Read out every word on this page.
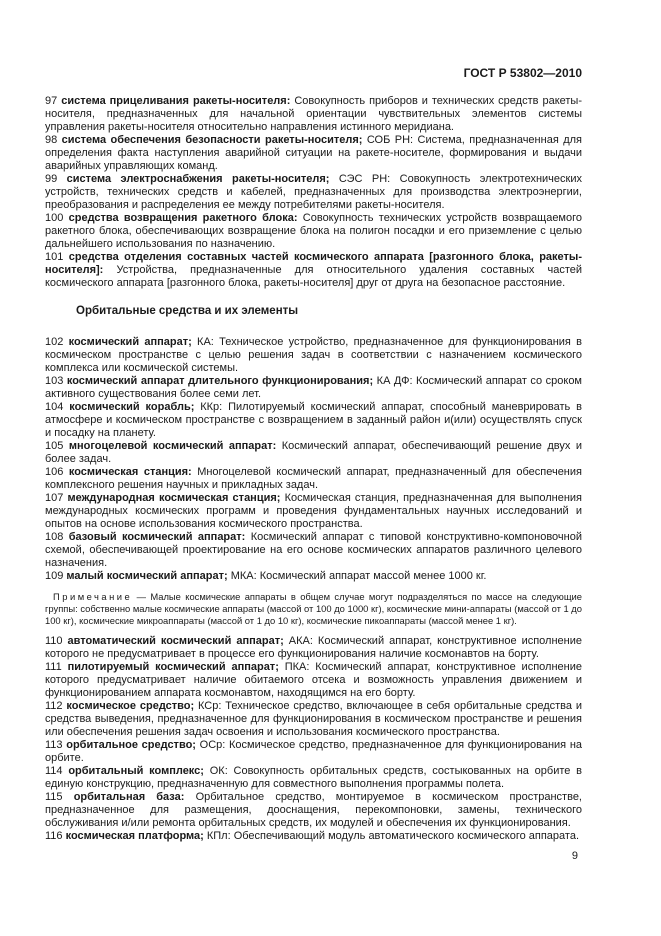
ГОСТ Р 53802—2010

97 система прицеливания ракеты-носителя: Совокупность приборов и технических средств ракеты-носителя, предназначенных для начальной ориентации чувствительных элементов системы управления ракеты-носителя относительно направления истинного меридиана.

98 система обеспечения безопасности ракеты-носителя; СОБ РН: Система, предназначенная для определения факта наступления аварийной ситуации на ракете-носителе, формирования и выдачи аварийных управляющих команд.

99 система электроснабжения ракеты-носителя; СЭС РН: Совокупность электротехнических устройств, технических средств и кабелей, предназначенных для производства электроэнергии, преобразования и распределения ее между потребителями ракеты-носителя.

100 средства возвращения ракетного блока: Совокупность технических устройств возвращаемого ракетного блока, обеспечивающих возвращение блока на полигон посадки и его приземление с целью дальнейшего использования по назначению.

101 средства отделения составных частей космического аппарата [разгонного блока, ракеты-носителя]: Устройства, предназначенные для относительного удаления составных частей космического аппарата [разгонного блока, ракеты-носителя] друг от друга на безопасное расстояние.

Орбитальные средства и их элементы

102 космический аппарат; КА: Техническое устройство, предназначенное для функционирования в космическом пространстве с целью решения задач в соответствии с назначением космического комплекса или космической системы.

103 космический аппарат длительного функционирования; КА ДФ: Космический аппарат со сроком активного существования более семи лет.

104 космический корабль; ККр: Пилотируемый космический аппарат, способный маневрировать в атмосфере и космическом пространстве с возвращением в заданный район и(или) осуществлять спуск и посадку на планету.

105 многоцелевой космический аппарат: Космический аппарат, обеспечивающий решение двух и более задач.

106 космическая станция: Многоцелевой космический аппарат, предназначенный для обеспечения комплексного решения научных и прикладных задач.

107 международная космическая станция; Космическая станция, предназначенная для выполнения международных космических программ и проведения фундаментальных научных исследований и опытов на основе использования космического пространства.

108 базовый космический аппарат: Космический аппарат с типовой конструктивно-компоновочной схемой, обеспечивающей проектирование на его основе космических аппаратов различного целевого назначения.

109 малый космический аппарат; МКА: Космический аппарат массой менее 1000 кг.

Примечание — Малые космические аппараты в общем случае могут подразделяться по массе на следующие группы: собственно малые космические аппараты (массой от 100 до 1000 кг), космические мини-аппараты (массой от 1 до 100 кг), космические микроаппараты (массой от 1 до 10 кг), космические пикоаппараты (массой менее 1 кг).

110 автоматический космический аппарат; АКА: Космический аппарат, конструктивное исполнение которого не предусматривает в процессе его функционирования наличие космонавтов на борту.

111 пилотируемый космический аппарат; ПКА: Космический аппарат, конструктивное исполнение которого предусматривает наличие обитаемого отсека и возможность управления движением и функционированием аппарата космонавтом, находящимся на его борту.

112 космическое средство; КСр: Техническое средство, включающее в себя орбитальные средства и средства выведения, предназначенное для функционирования в космическом пространстве и решения или обеспечения решения задач освоения и использования космического пространства.

113 орбитальное средство; ОСр: Космическое средство, предназначенное для функционирования на орбите.

114 орбитальный комплекс; ОК: Совокупность орбитальных средств, состыкованных на орбите в единую конструкцию, предназначенную для совместного выполнения программы полета.

115 орбитальная база: Орбитальное средство, монтируемое в космическом пространстве, предназначенное для размещения, дооснащения, перекомпоновки, замены, технического обслуживания и/или ремонта орбитальных средств, их модулей и обеспечения их функционирования.

116 космическая платформа; КПл: Обеспечивающий модуль автоматического космического аппарата.

9
